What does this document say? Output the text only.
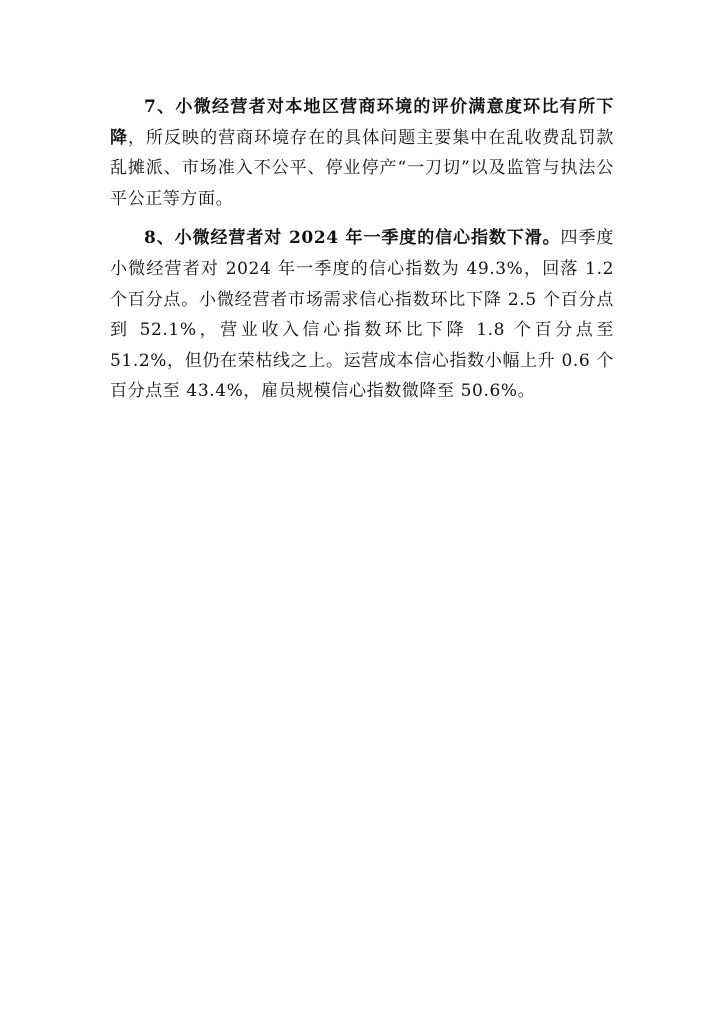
7、小微经营者对本地区营商环境的评价满意度环比有所下降，所反映的营商环境存在的具体问题主要集中在乱收费乱罚款乱摊派、市场准入不公平、停业停产“一刀切”以及监管与执法公平公正等方面。

8、小微经营者对 2024 年一季度的信心指数下滑。四季度小微经营者对 2024 年一季度的信心指数为 49.3%，回落 1.2 个百分点。小微经营者市场需求信心指数环比下降 2.5 个百分点到 52.1%，营业收入信心指数环比下降 1.8 个百分点至 51.2%，但仍在荣枯线之上。运营成本信心指数小幅上升 0.6 个百分点至 43.4%，雇员规模信心指数微降至 50.6%。
